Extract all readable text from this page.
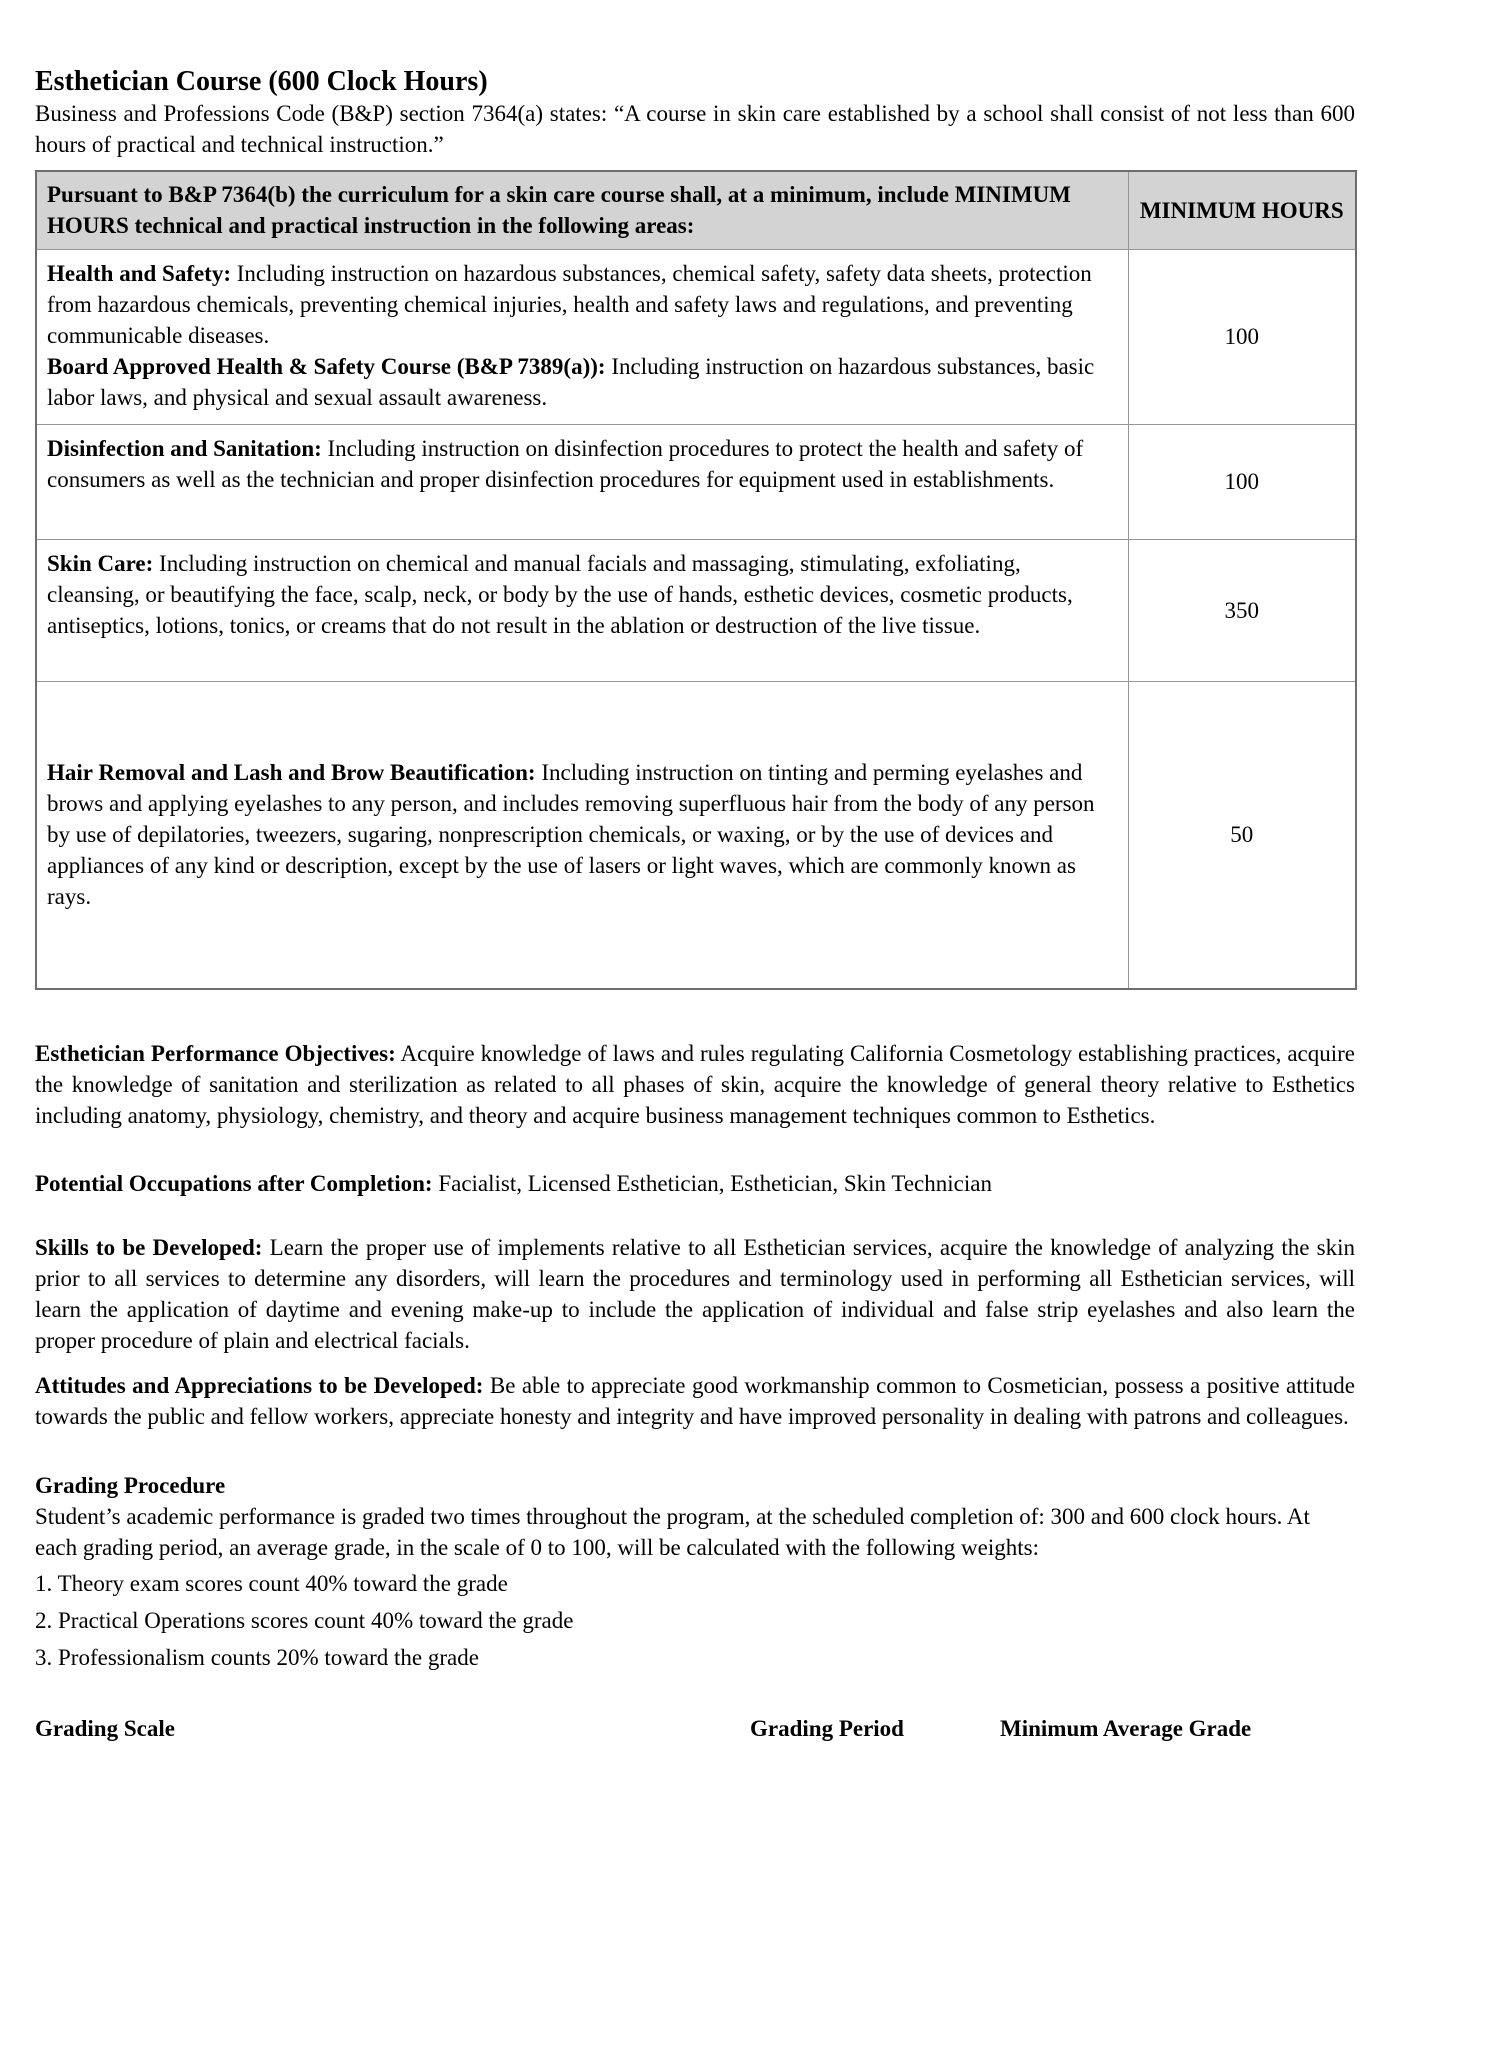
Esthetician Course (600 Clock Hours)

Business and Professions Code (B&P) section 7364(a) states: “A course in skin care established by a school shall consist of not less than 600 hours of practical and technical instruction.”

Pursuant to B&P 7364(b) the curriculum for a skin care course shall, at a minimum, include MINIMUM HOURS technical and practical instruction in the following areas:	MINIMUM HOURS

Health and Safety: Including instruction on hazardous substances, chemical safety, safety data sheets, protection from hazardous chemicals, preventing chemical injuries, health and safety laws and regulations, and preventing communicable diseases.
Board Approved Health & Safety Course (B&P 7389(a)): Including instruction on hazardous substances, basic labor laws, and physical and sexual assault awareness.	100

Disinfection and Sanitation: Including instruction on disinfection procedures to protect the health and safety of consumers as well as the technician and proper disinfection procedures for equipment used in establishments.	100

Skin Care: Including instruction on chemical and manual facials and massaging, stimulating, exfoliating, cleansing, or beautifying the face, scalp, neck, or body by the use of hands, esthetic devices, cosmetic products, antiseptics, lotions, tonics, or creams that do not result in the ablation or destruction of the live tissue.	350

Hair Removal and Lash and Brow Beautification: Including instruction on tinting and perming eyelashes and brows and applying eyelashes to any person, and includes removing superfluous hair from the body of any person by use of depilatories, tweezers, sugaring, nonprescription chemicals, or waxing, or by the use of devices and appliances of any kind or description, except by the use of lasers or light waves, which are commonly known as rays.	50

Esthetician Performance Objectives: Acquire knowledge of laws and rules regulating California Cosmetology establishing practices, acquire the knowledge of sanitation and sterilization as related to all phases of skin, acquire the knowledge of general theory relative to Esthetics including anatomy, physiology, chemistry, and theory and acquire business management techniques common to Esthetics.

Potential Occupations after Completion: Facialist, Licensed Esthetician, Esthetician, Skin Technician

Skills to be Developed: Learn the proper use of implements relative to all Esthetician services, acquire the knowledge of analyzing the skin prior to all services to determine any disorders, will learn the procedures and terminology used in performing all Esthetician services, will learn the application of daytime and evening make-up to include the application of individual and false strip eyelashes and also learn the proper procedure of plain and electrical facials.

Attitudes and Appreciations to be Developed: Be able to appreciate good workmanship common to Cosmetician, possess a positive attitude towards the public and fellow workers, appreciate honesty and integrity and have improved personality in dealing with patrons and colleagues.

Grading Procedure

Student’s academic performance is graded two times throughout the program, at the scheduled completion of: 300 and 600 clock hours. At each grading period, an average grade, in the scale of 0 to 100, will be calculated with the following weights:

1. Theory exam scores count 40% toward the grade
2. Practical Operations scores count 40% toward the grade
3. Professionalism counts 20% toward the grade
Grading Scale	Grading Period	Minimum Average Grade
